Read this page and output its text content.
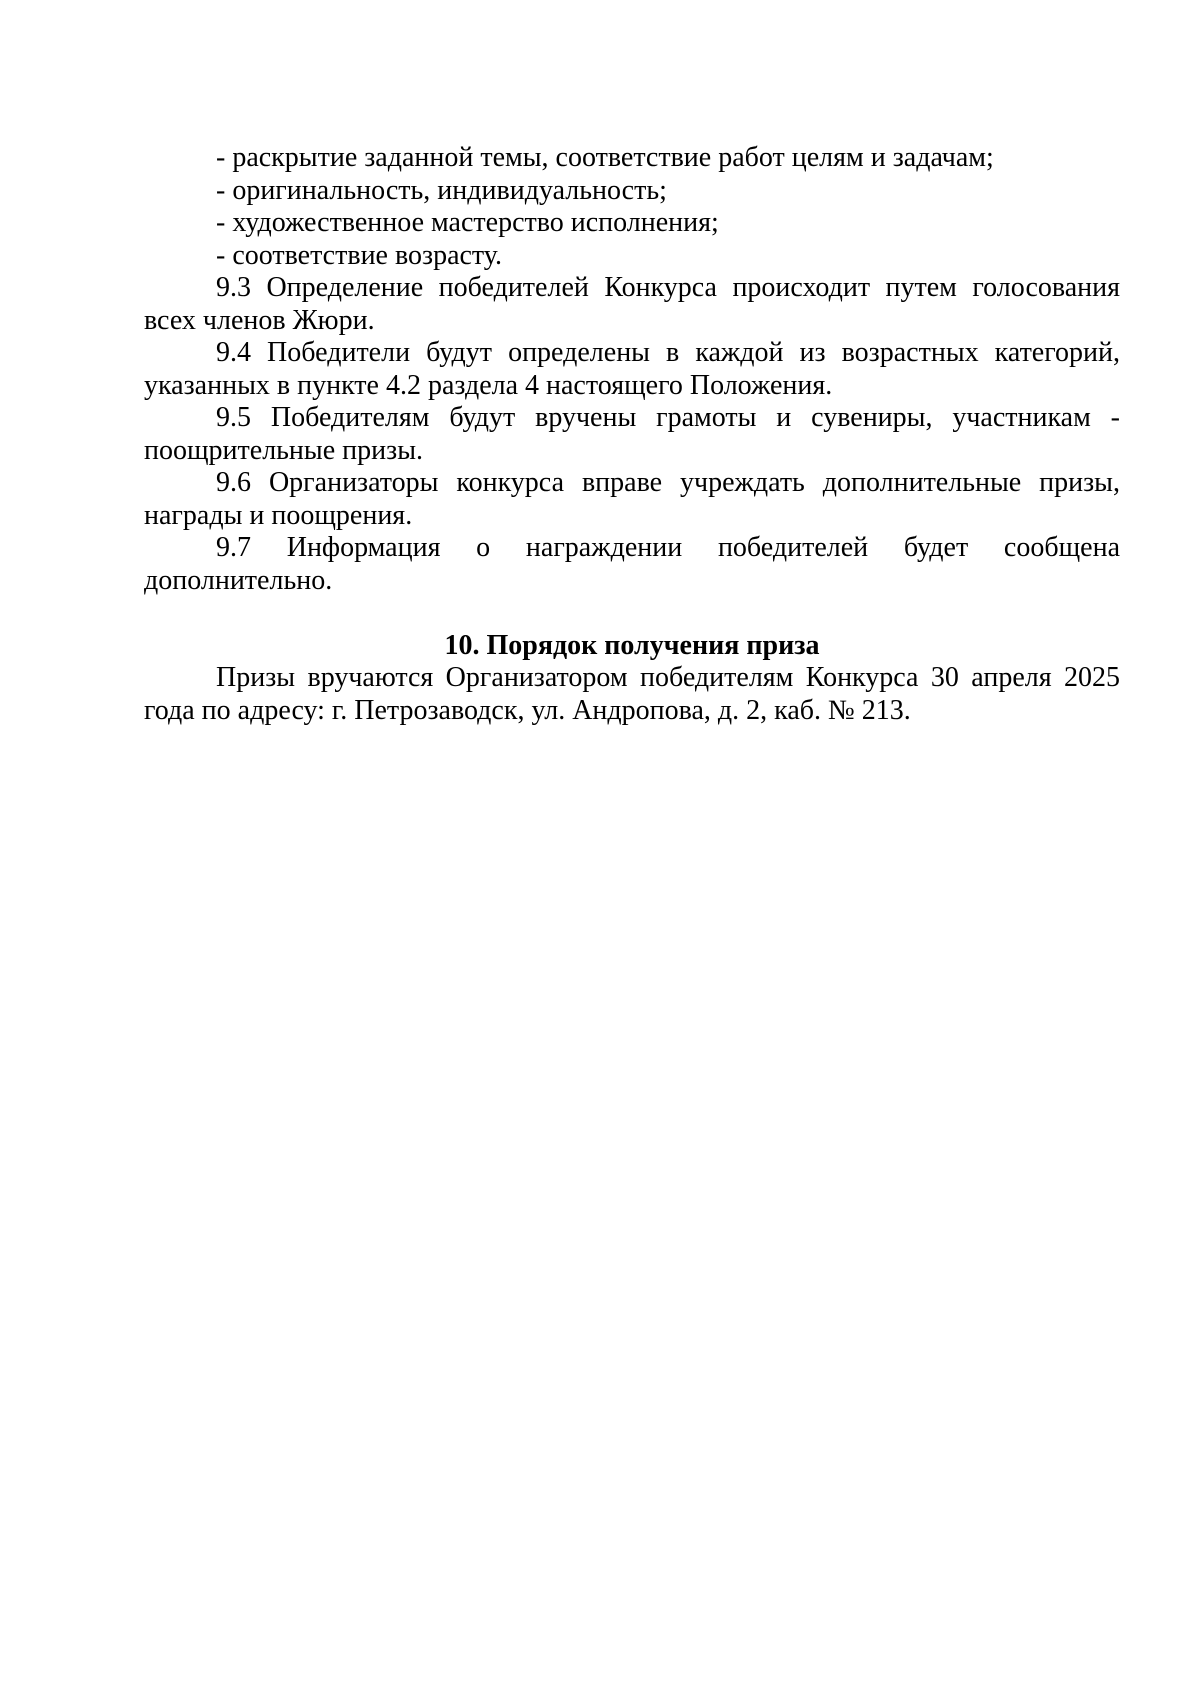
- раскрытие заданной темы, соответствие работ целям и задачам;

- оригинальность, индивидуальность;

- художественное мастерство исполнения;

- соответствие возрасту.

9.3 Определение победителей Конкурса происходит путем голосования
всех членов Жюри.
9.4 Победители будут определены в каждой из возрастных категорий,
указанных в пункте 4.2 раздела 4 настоящего Положения.
9.5 Победителям будут вручены грамоты и сувениры, участникам -
поощрительные призы.
9.6 Организаторы конкурса вправе учреждать дополнительные призы,
награды и поощрения.
9.7 Информация о награждении победителей будет сообщена
дополнительно.

10. Порядок получения приза

Призы вручаются Организатором победителям Конкурса 30 апреля 2025
года по адресу: г. Петрозаводск, ул. Андропова, д. 2, каб. № 213.
